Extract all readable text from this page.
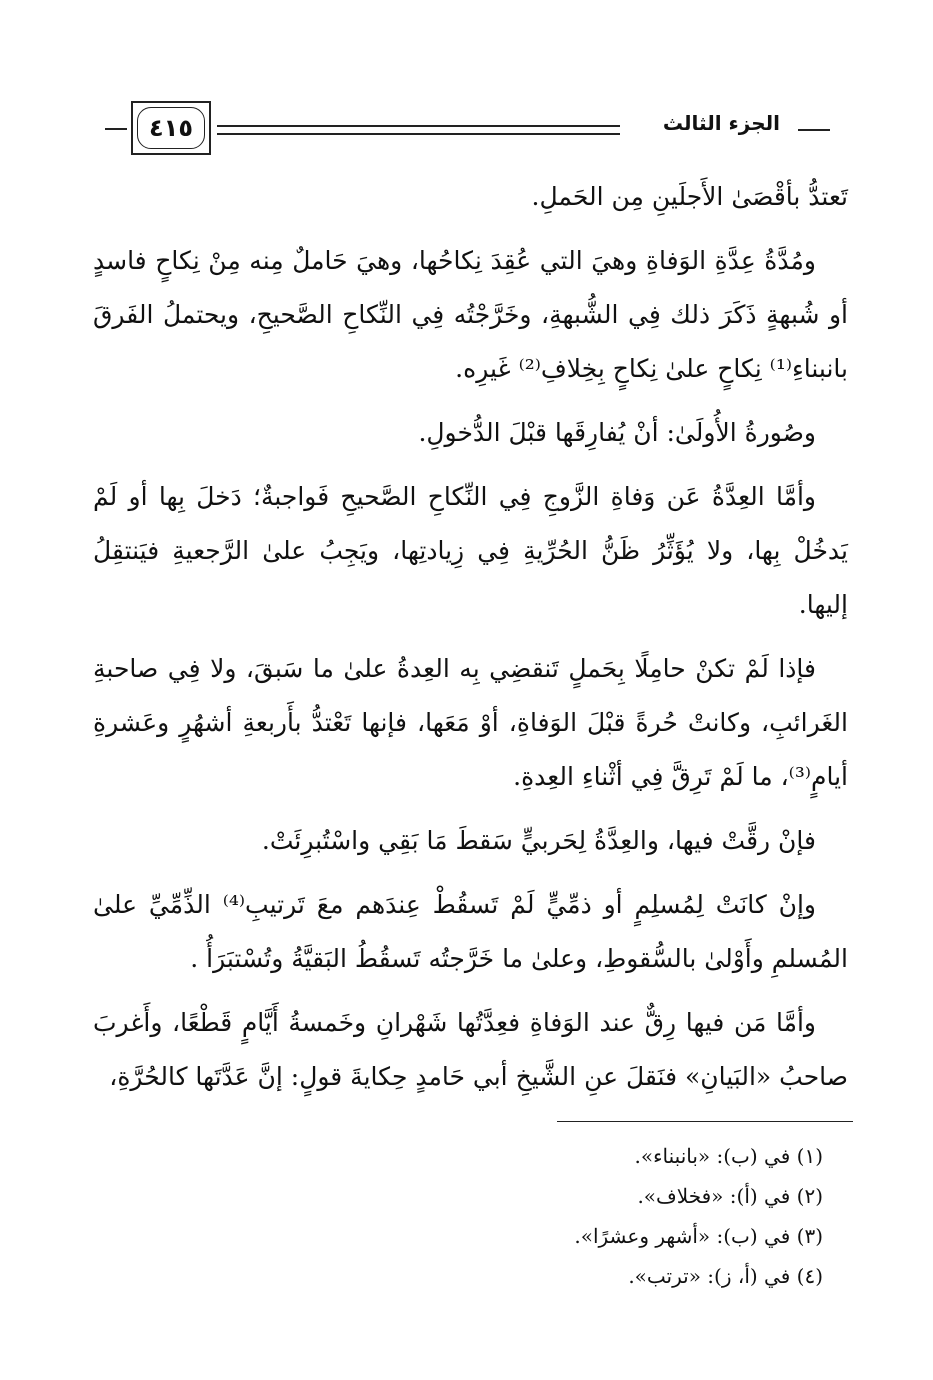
الجزء الثالث
٤١٥

تَعتدُّ بأقْصَىٰ الأَجلَينِ مِن الحَملِ.

ومُدَّةُ عِدَّةِ الوَفاةِ وهيَ التي عُقِدَ نِكاحُها، وهيَ حَاملٌ مِنه مِنْ نِكاحٍ فاسدٍ أو شُبهةٍ ذَكَرَ ذلك فِي الشُّبهةِ، وخَرَّجْتُه فِي النِّكاحِ الصَّحيحِ، ويحتملُ الفَرقَ بانبناءِ⁽¹⁾ نِكاحٍ علىٰ نِكاحٍ بِخِلافِ⁽²⁾ غَيرِه.

وصُورةُ الأُولَىٰ: أنْ يُفارِقَها قبْلَ الدُّخولِ.

وأمَّا العِدَّةُ عَن وَفاةِ الزَّوجِ فِي النِّكاحِ الصَّحيحِ فَواجبةٌ؛ دَخلَ بِها أو لَمْ يَدخُلْ بِها، ولا يُؤَثِّرُ ظَنُّ الحُرِّيةِ فِي زِيادتِها، ويَجِبُ علىٰ الرَّجعيةِ فيَنتقِلُ إليها.

فإذا لَمْ تكنْ حامِلًا بِحَملٍ تَنقضِي بِه العِدةُ علىٰ ما سَبقَ، ولا فِي صاحبةِ الغَرائبِ، وكانتْ حُرةً قبْلَ الوَفاةِ، أوْ مَعَها، فإنها تَعْتدُّ بأَربعةِ أشهُرٍ وعَشرةِ أيامٍ⁽³⁾، ما لَمْ تَرِقَّ فِي أثْناءِ العِدةِ.

فإنْ رقَّتْ فيها، والعِدَّةُ لِحَربيٍّ سَقطَ مَا بَقِي واسْتُبرِئَتْ.

وإنْ كانَتْ لِمُسلِمٍ أو ذمِّيٍّ لَمْ تَسقُطْ عِندَهم معَ تَرتيبِ⁽⁴⁾ الذِّمِّيِّ علىٰ المُسلمِ وأَوْلىٰ بالسُّقوطِ، وعلىٰ ما خَرَّجتُه تَسقُطُ البَقيَّةُ وتُسْتبَرَأُ .

وأمَّا مَن فيها رِقٌّ عند الوَفاةِ فعِدَّتُها شَهْرانِ وخَمسةُ أَيَّامٍ قَطْعًا، وأَغربَ صاحبُ «البَيانِ» فنَقلَ عنِ الشَّيخِ أبي حَامدٍ حِكايةَ قولٍ: إنَّ عَدَّتَها كالحُرَّةِ،

(١) في (ب): «بانبناء».
(٢) في (أ): «فخلاف».
(٣) في (ب): «أشهر وعشرًا».
(٤) في (أ، ز): «ترتب».
